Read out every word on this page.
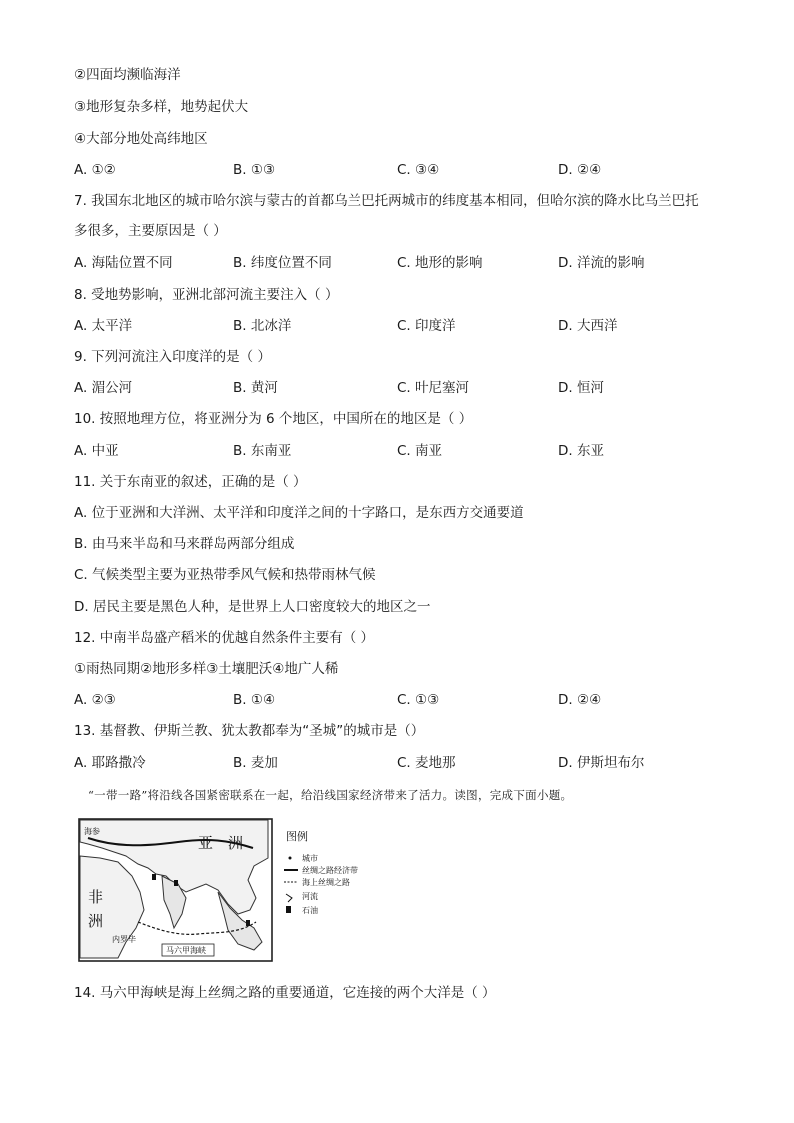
②四面均濒临海洋
③地形复杂多样，地势起伏大
④大部分地处高纬地区
A. ①②	B. ①③	C. ③④	D. ②④
7. 我国东北地区的城市哈尔滨与蒙古的首都乌兰巴托两城市的纬度基本相同，但哈尔滨的降水比乌兰巴托
多很多，主要原因是（ ）
A. 海陆位置不同	B. 纬度位置不同	C. 地形的影响	D. 洋流的影响
8. 受地势影响，亚洲北部河流主要注入（ ）
A. 太平洋	B. 北冰洋	C. 印度洋	D. 大西洋
9. 下列河流注入印度洋的是（ ）
A. 湄公河	B. 黄河	C. 叶尼塞河	D. 恒河
10. 按照地理方位，将亚洲分为 6 个地区，中国所在的地区是（ ）
A. 中亚	B. 东南亚	C. 南亚	D. 东亚
11. 关于东南亚的叙述，正确的是（ ）
A. 位于亚洲和大洋洲、太平洋和印度洋之间的十字路口，是东西方交通要道
B. 由马来半岛和马来群岛两部分组成
C. 气候类型主要为亚热带季风气候和热带雨林气候
D. 居民主要是黑色人种，是世界上人口密度较大的地区之一
12. 中南半岛盛产稻米的优越自然条件主要有（ ）
①雨热同期②地形多样③土壤肥沃④地广人稀
A. ②③	B. ①④	C. ①③	D. ②④
13. 基督教、伊斯兰教、犹太教都奉为“圣城”的城市是（）
A. 耶路撒冷	B. 麦加	C. 麦地那	D. 伊斯坦布尔
14. 马六甲海峡是海上丝绸之路的重要通道，它连接的两个大洋是（ ）
“一带一路”将沿线各国紧密联系在一起，给沿线国家经济带来了活力。读图，完成下面小题。
亚 洲
非
洲
内罗毕
海参
马六甲海峡
图例
城市
丝绸之路经济带
海上丝绸之路
河流
石油
